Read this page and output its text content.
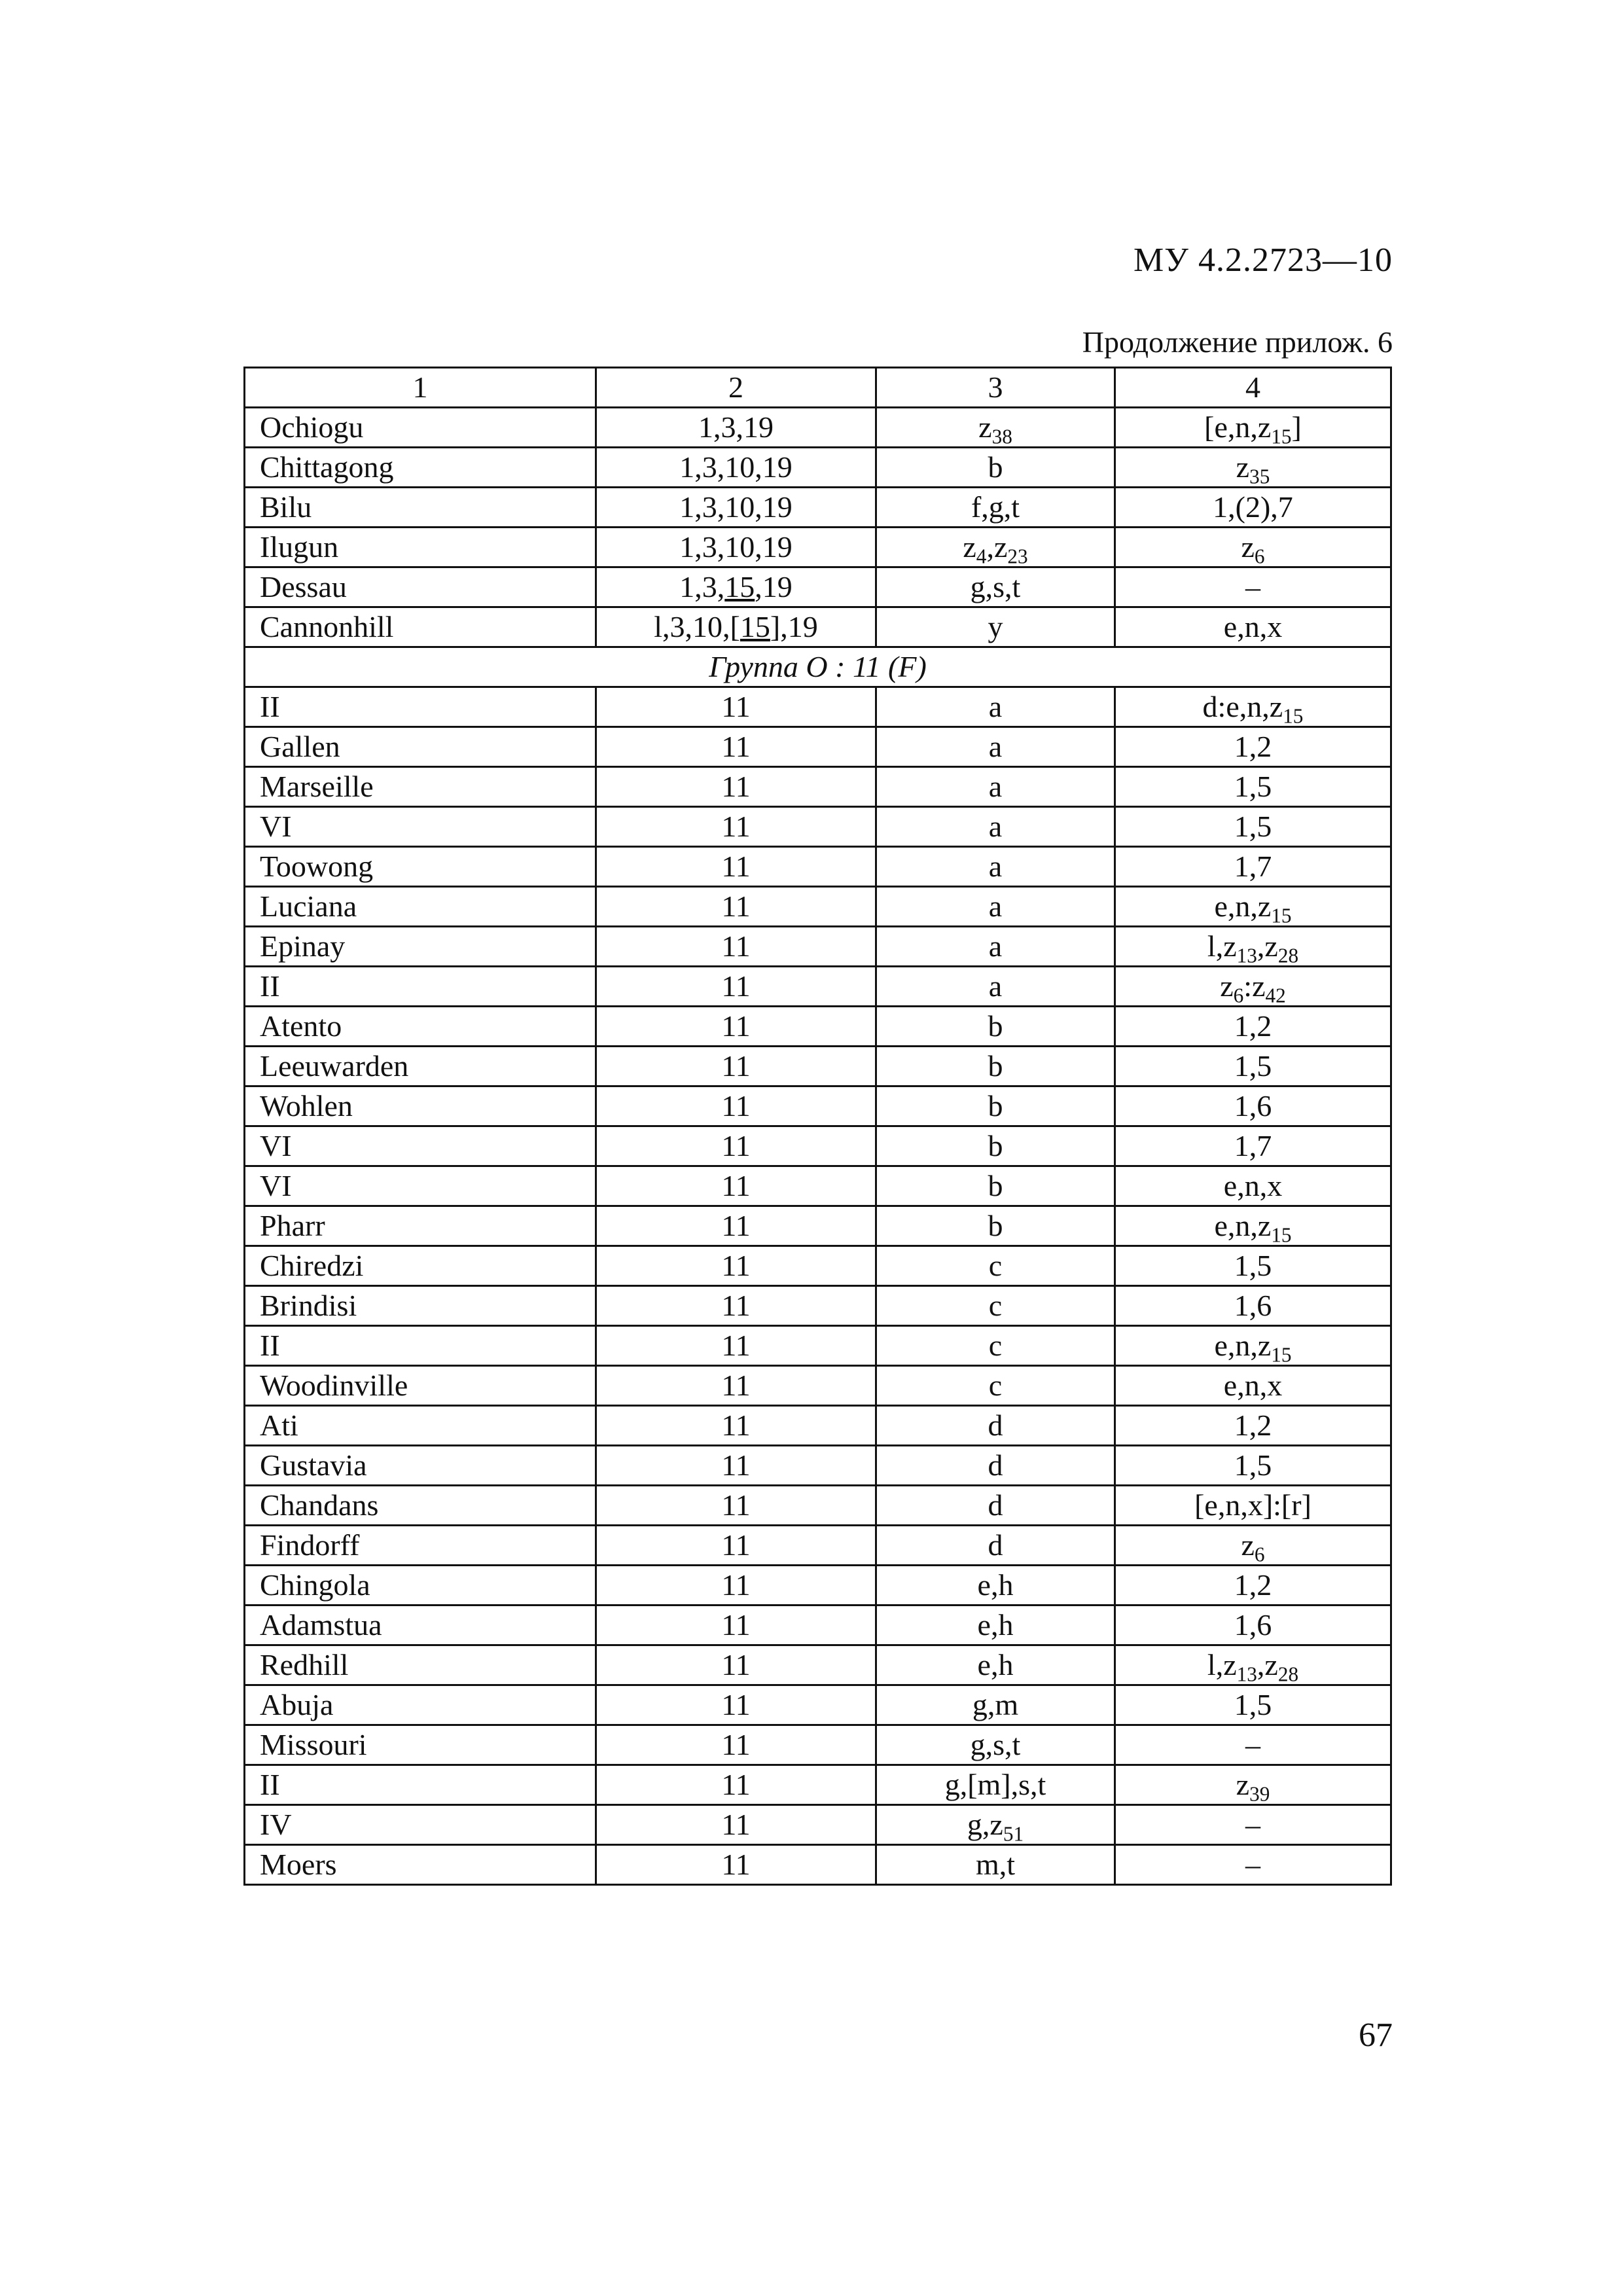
МУ 4.2.2723—10
Продолжение прилож. 6
1	2	3	4
Ochiogu	1,3,19	$z_{38}$	$[e,n,z_{15}]$
Chittagong	1,3,10,19	b	$z_{35}$
Bilu	1,3,10,19	f,g,t	1,(2),7
Ilugun	1,3,10,19	$z_4,z_{23}$	$z_6$
Dessau	1,3,15,19	g,s,t	–
Cannonhill	l,3,10,[15],19	y	e,n,x
Группа O : 11 (F)			
II	11	a	$d:e,n,z_{15}$
Gallen	11	a	1,2
Marseille	11	a	1,5
VI	11	a	1,5
Toowong	11	a	1,7
Luciana	11	a	$e,n,z_{15}$
Epinay	11	a	$l,z_{13},z_{28}$
II	11	a	$z_6:z_{42}$
Atento	11	b	1,2
Leeuwarden	11	b	1,5
Wohlen	11	b	1,6
VI	11	b	1,7
VI	11	b	e,n,x
Pharr	11	b	$e,n,z_{15}$
Chiredzi	11	c	1,5
Brindisi	11	c	1,6
II	11	c	$e,n,z_{15}$
Woodinville	11	c	e,n,x
Ati	11	d	1,2
Gustavia	11	d	1,5
Chandans	11	d	[e,n,x]:[r]
Findorff	11	d	$z_6$
Chingola	11	e,h	1,2
Adamstua	11	e,h	1,6
Redhill	11	e,h	$l,z_{13},z_{28}$
Abuja	11	g,m	1,5
Missouri	11	g,s,t	–
II	11	g,[m],s,t	$z_{39}$
IV	11	$g,z_{51}$	–
Moers	11	m,t	–
67
